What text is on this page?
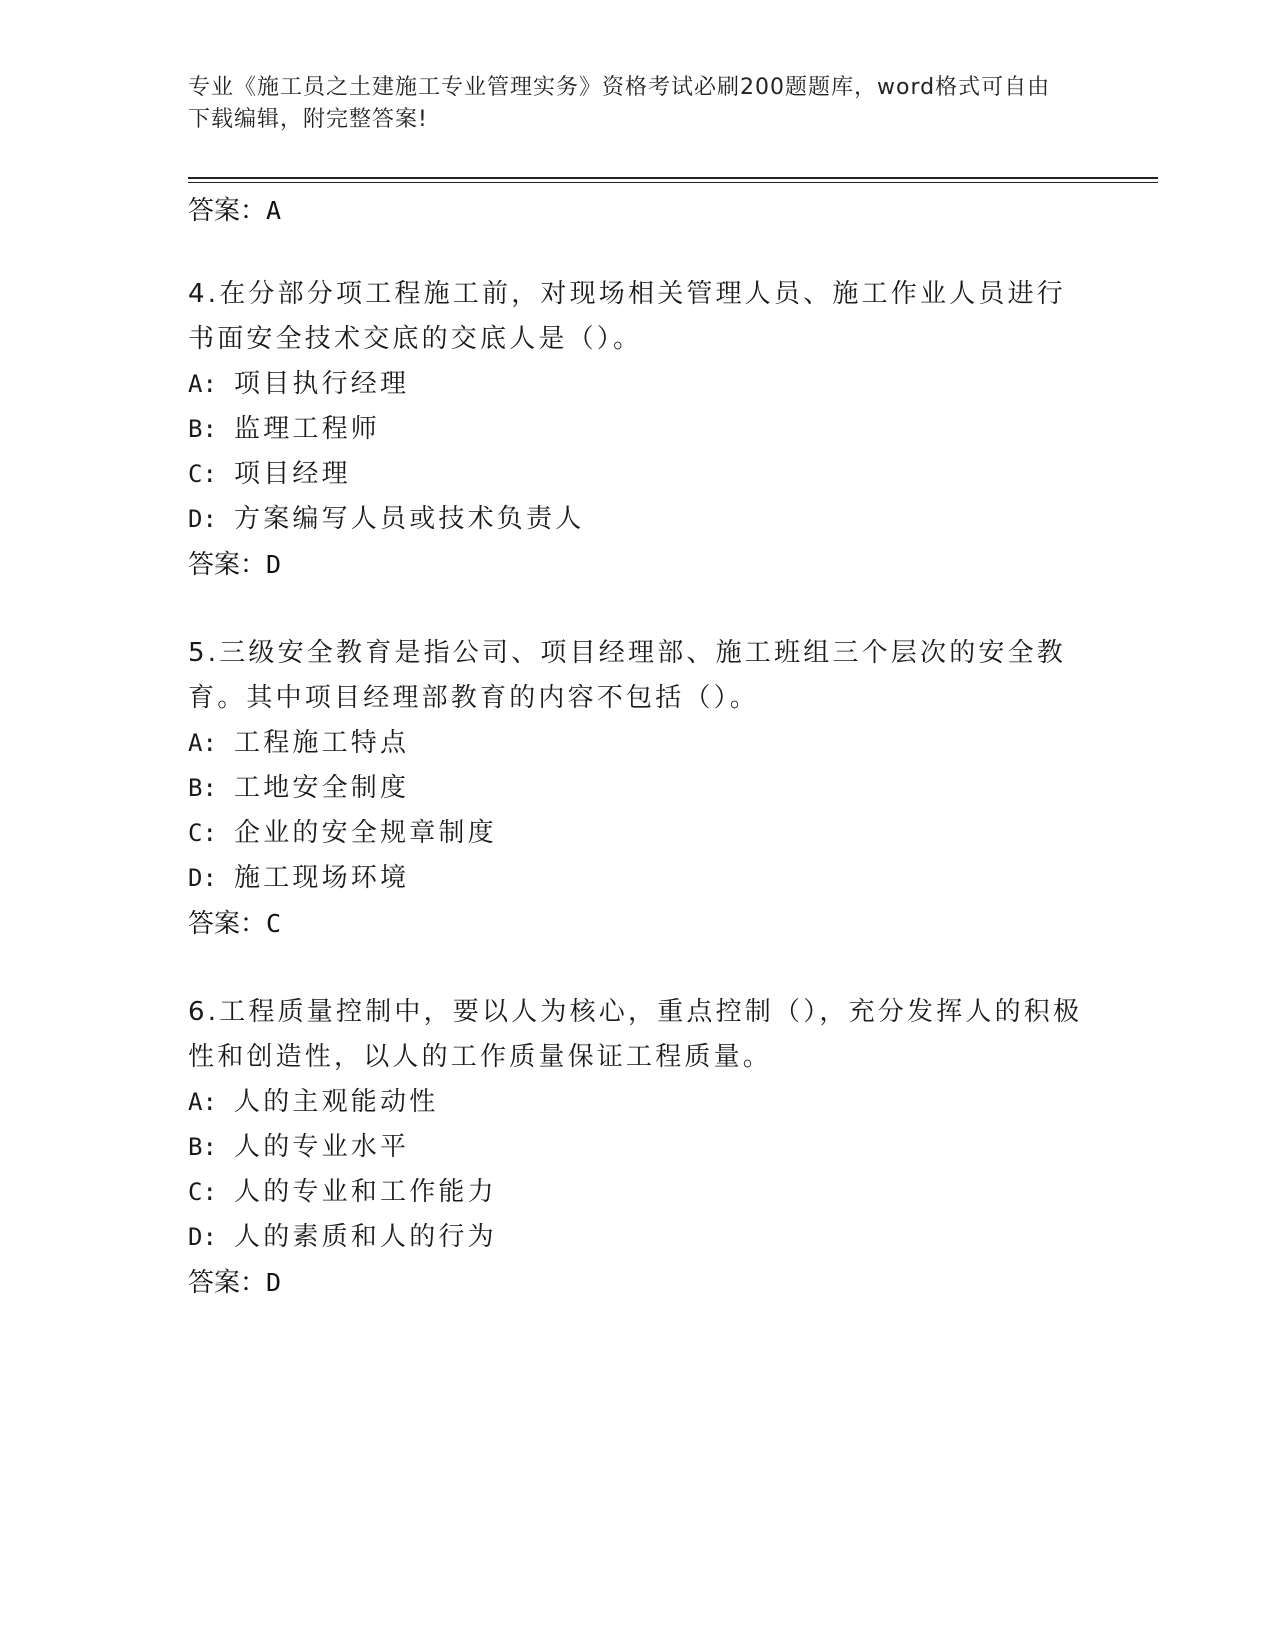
专业《施工员之土建施工专业管理实务》资格考试必刷200题题库，word格式可自由下载编辑，附完整答案!
答案：A
4.在分部分项工程施工前，对现场相关管理人员、施工作业人员进行书面安全技术交底的交底人是（）。
A: 项目执行经理
B: 监理工程师
C: 项目经理
D: 方案编写人员或技术负责人
答案：D
5.三级安全教育是指公司、项目经理部、施工班组三个层次的安全教育。其中项目经理部教育的内容不包括（）。
A: 工程施工特点
B: 工地安全制度
C: 企业的安全规章制度
D: 施工现场环境
答案：C
6.工程质量控制中，要以人为核心，重点控制（），充分发挥人的积极性和创造性，以人的工作质量保证工程质量。
A: 人的主观能动性
B: 人的专业水平
C: 人的专业和工作能力
D: 人的素质和人的行为
答案：D
